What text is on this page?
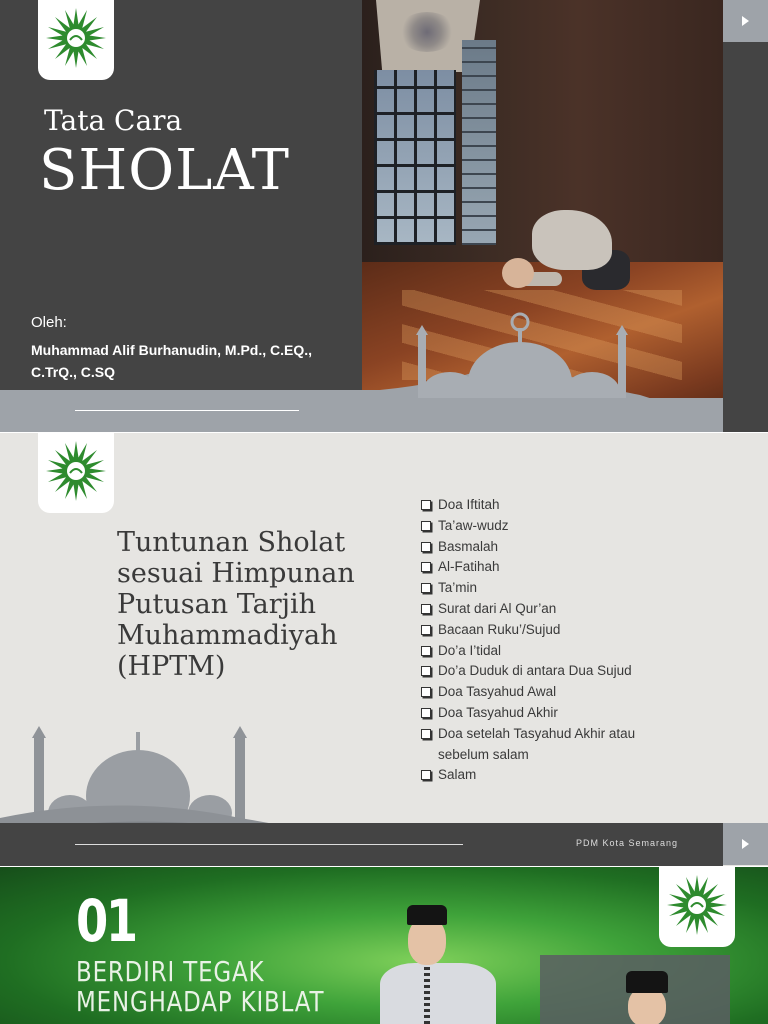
Tata Cara
SHOLAT
Oleh:
Muhammad Alif Burhanudin, M.Pd., C.EQ., C.TrQ., C.SQ
Tuntunan Sholat sesuai Himpunan Putusan Tarjih Muhammadiyah (HPTM)
Doa Iftitah
Ta’aw-wudz
Basmalah
Al-Fatihah
Ta’min
Surat dari Al Qur’an
Bacaan Ruku’/Sujud
Do’a I’tidal
Do’a Duduk di antara Dua Sujud
Doa Tasyahud Awal
Doa Tasyahud Akhir
Doa setelah Tasyahud Akhir atau sebelum salam
Salam
PDM Kota Semarang
01
BERDIRI TEGAK
MENGHADAP KIBLAT
